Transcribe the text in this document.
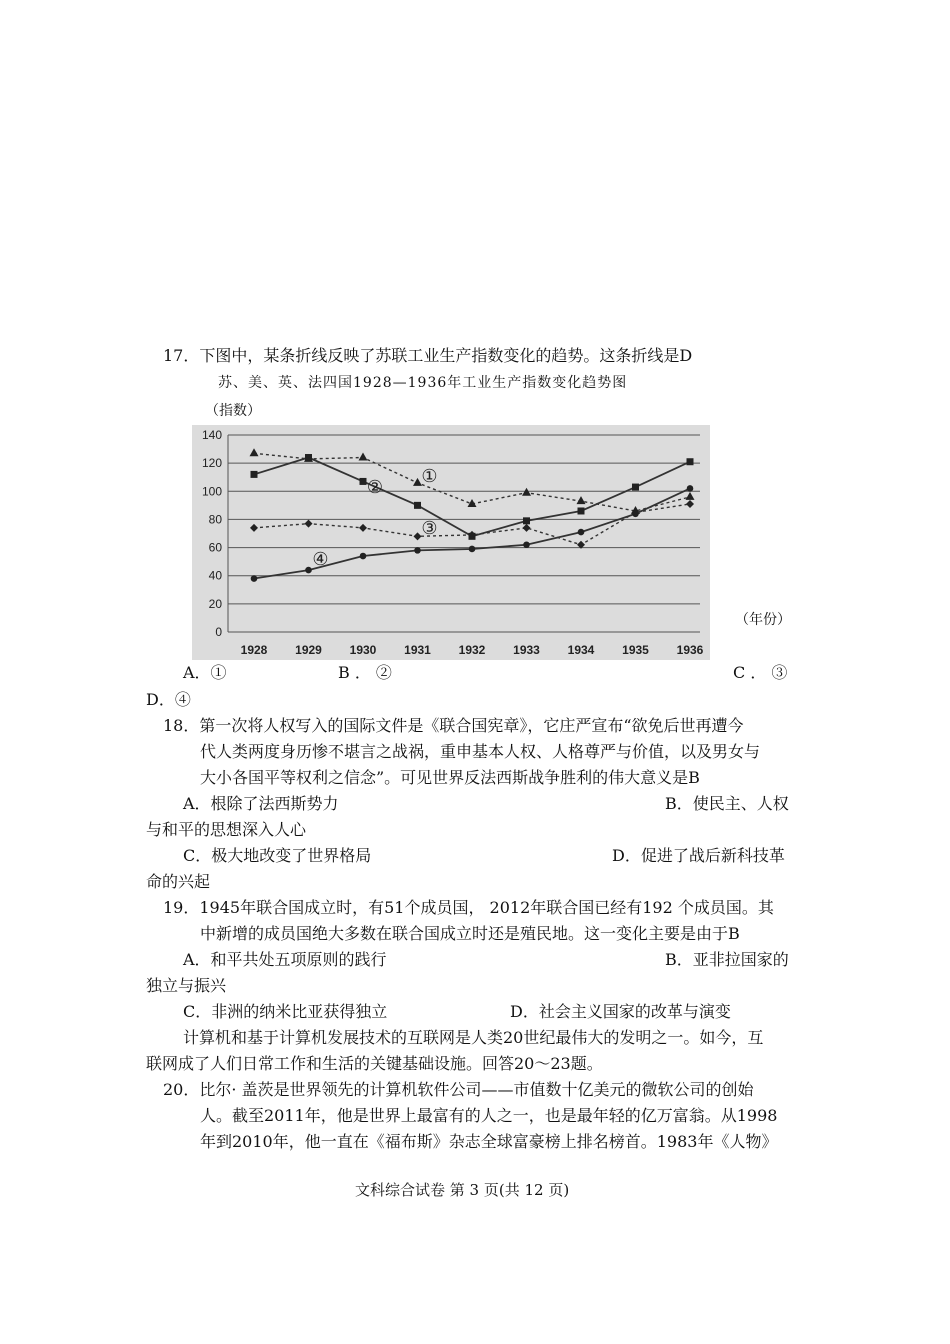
17．下图中，某条折线反映了苏联工业生产指数变化的趋势。这条折线是D
苏、美、英、法四国1928—1936年工业生产指数变化趋势图
（指数）
0
20
40
60
80
100
120
140
1928 1929 1930 1931 1932 1933 1934 1935 1936
①
②
③
④
（年份）
A．①	B ． ②	C ． ③
D．④
18．第一次将人权写入的国际文件是《联合国宪章》，它庄严宣布“欲免后世再遭今
代人类两度身历惨不堪言之战祸，重申基本人权、人格尊严与价值，以及男女与
大小各国平等权利之信念”。可见世界反法西斯战争胜利的伟大意义是B
A．根除了法西斯势力	B．使民主、人权
与和平的思想深入人心
C．极大地改变了世界格局	D．促进了战后新科技革
命的兴起
19．1945年联合国成立时，有51个成员国， 2012年联合国已经有192 个成员国。其
中新增的成员国绝大多数在联合国成立时还是殖民地。这一变化主要是由于B
A．和平共处五项原则的践行	B．亚非拉国家的
独立与振兴
C．非洲的纳米比亚获得独立	D．社会主义国家的改革与演变
计算机和基于计算机发展技术的互联网是人类20世纪最伟大的发明之一。如今，互
联网成了人们日常工作和生活的关键基础设施。回答20～23题。
20．比尔· 盖茨是世界领先的计算机软件公司——市值数十亿美元的微软公司的创始
人。截至2011年，他是世界上最富有的人之一，也是最年轻的亿万富翁。从1998
年到2010年，他一直在《福布斯》杂志全球富豪榜上排名榜首。1983年《人物》
文科综合试卷 第 3 页(共 12 页)
